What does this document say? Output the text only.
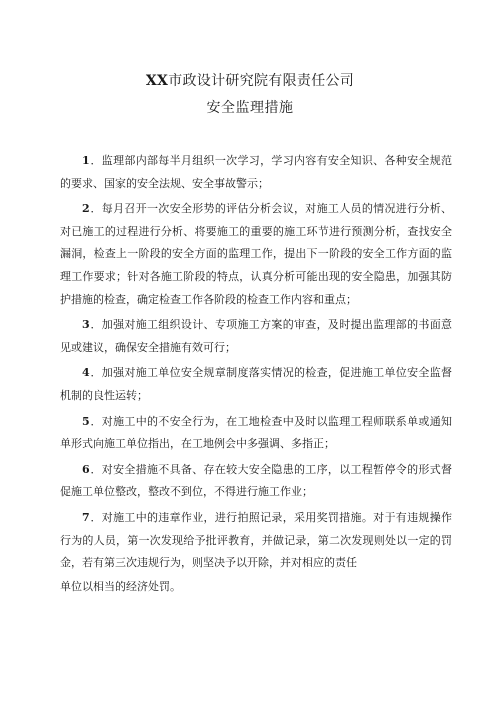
XX市政设计研究院有限责任公司
安全监理措施

1．监理部内部每半月组织一次学习，学习内容有安全知识、各种安全规范的要求、国家的安全法规、安全事故警示；

2．每月召开一次安全形势的评估分析会议，对施工人员的情况进行分析、对已施工的过程进行分析、将要施工的重要的施工环节进行预测分析，查找安全漏洞，检查上一阶段的安全方面的监理工作，提出下一阶段的安全工作方面的监理工作要求；针对各施工阶段的特点，认真分析可能出现的安全隐患，加强其防护措施的检查，确定检查工作各阶段的检查工作内容和重点；

3．加强对施工组织设计、专项施工方案的审查，及时提出监理部的书面意见或建议，确保安全措施有效可行；

4．加强对施工单位安全规章制度落实情况的检查，促进施工单位安全监督机制的良性运转；

5．对施工中的不安全行为，在工地检查中及时以监理工程师联系单或通知单形式向施工单位指出，在工地例会中多强调、多指正；

6．对安全措施不具备、存在较大安全隐患的工序，以工程暂停令的形式督促施工单位整改，整改不到位，不得进行施工作业；

7．对施工中的违章作业，进行拍照记录，采用奖罚措施。对于有违规操作行为的人员，第一次发现给予批评教育，并做记录，第二次发现则处以一定的罚金，若有第三次违规行为，则坚决予以开除，并对相应的责任

单位以相当的经济处罚。
